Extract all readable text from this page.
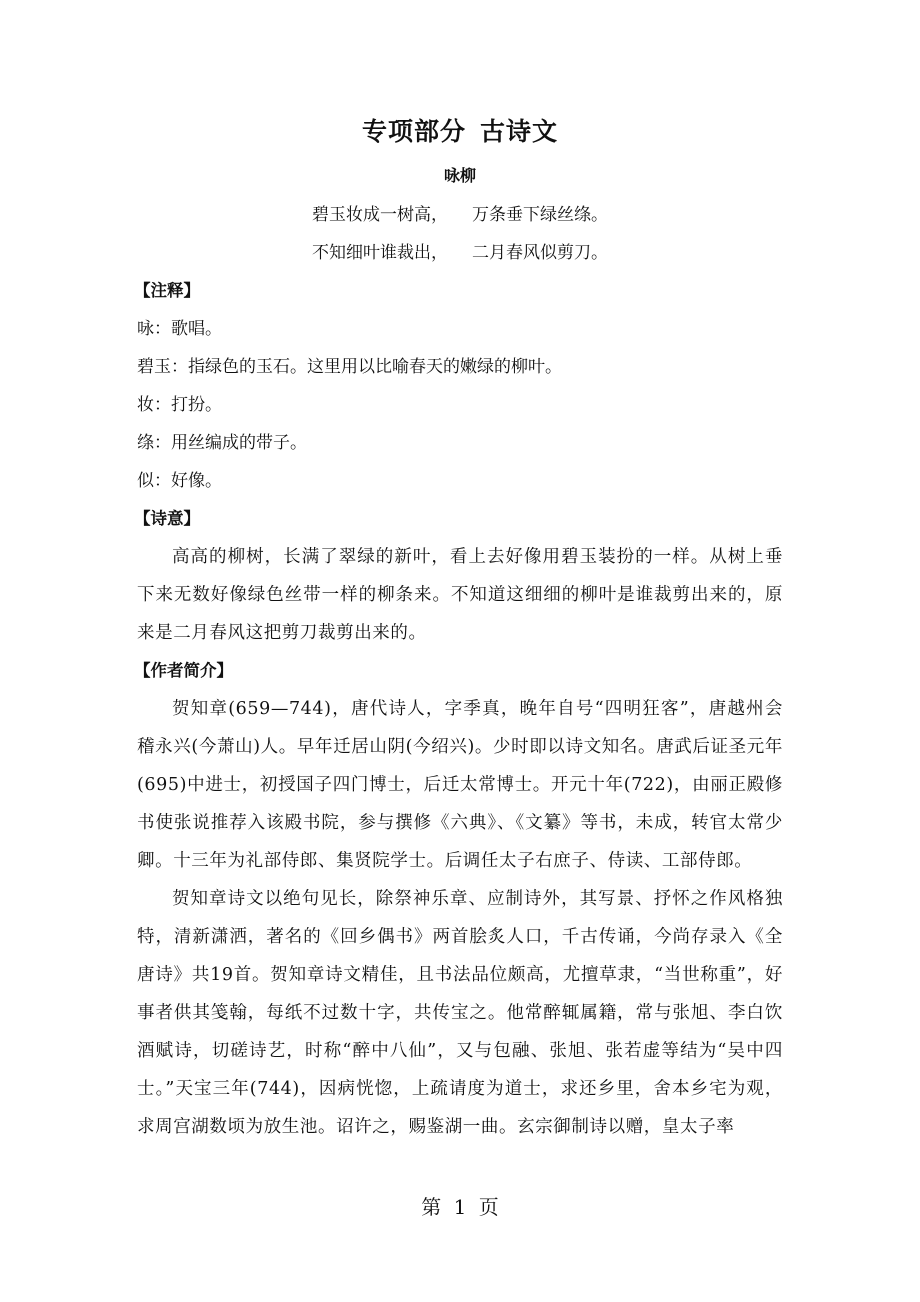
专项部分 古诗文
咏柳
碧玉妆成一树高， 万条垂下绿丝绦。
不知细叶谁裁出， 二月春风似剪刀。
【注释】
咏：歌唱。
碧玉：指绿色的玉石。这里用以比喻春天的嫩绿的柳叶。
妆：打扮。
绦：用丝编成的带子。
似：好像。
【诗意】

高高的柳树，长满了翠绿的新叶，看上去好像用碧玉装扮的一样。从树上垂下来无数好像绿色丝带一样的柳条来。不知道这细细的柳叶是谁裁剪出来的，原来是二月春风这把剪刀裁剪出来的。

【作者简介】

贺知章(659—744)，唐代诗人，字季真，晚年自号“四明狂客”，唐越州会稽永兴(今萧山)人。早年迁居山阴(今绍兴)。少时即以诗文知名。唐武后证圣元年(695)中进士，初授国子四门博士，后迁太常博士。开元十年(722)，由丽正殿修书使张说推荐入该殿书院，参与撰修《六典》、《文纂》等书，未成，转官太常少卿。十三年为礼部侍郎、集贤院学士。后调任太子右庶子、侍读、工部侍郎。

贺知章诗文以绝句见长，除祭神乐章、应制诗外，其写景、抒怀之作风格独特，清新潇洒，著名的《回乡偶书》两首脍炙人口，千古传诵，今尚存录入《全唐诗》共19首。贺知章诗文精佳，且书法品位颇高，尤擅草隶，“当世称重”，好事者供其笺翰，每纸不过数十字，共传宝之。他常醉辄属籍，常与张旭、李白饮酒赋诗，切磋诗艺，时称“醉中八仙”，又与包融、张旭、张若虚等结为“吴中四士。”天宝三年(744)，因病恍惚，上疏请度为道士，求还乡里，舍本乡宅为观，求周宫湖数顷为放生池。诏许之，赐鉴湖一曲。玄宗御制诗以赠，皇太子率

第 1 页
